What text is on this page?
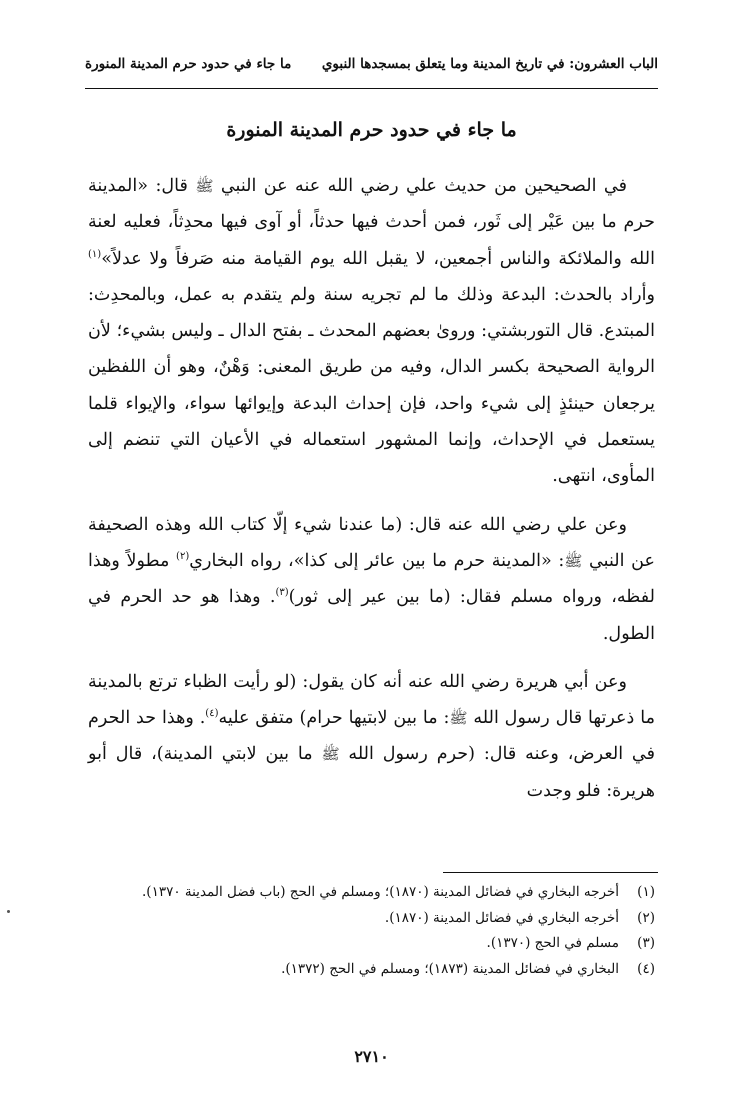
الباب العشرون: في تاريخ المدينة وما يتعلق بمسجدها النبوي
ما جاء في حدود حرم المدينة المنورة
ما جاء في حدود حرم المدينة المنورة

في الصحيحين من حديث علي رضي الله عنه عن النبي ﷺ قال: «المدينة حرم ما بين عَيْر إلى ثَور، فمن أحدث فيها حدثاً، أو آوى فيها محدِثاً، فعليه لعنة الله والملائكة والناس أجمعين، لا يقبل الله يوم القيامة منه صَرفاً ولا عدلاً»$^{(١)}$ وأراد بالحدث: البدعة وذلك ما لم تجريه سنة ولم يتقدم به عمل، وبالمحدِث: المبتدع. قال التوربشتي: وروىٰ بعضهم المحدث ـ بفتح الدال ـ وليس بشيء؛ لأن الرواية الصحيحة بكسر الدال، وفيه من طريق المعنى: وَهْنٌ، وهو أن اللفظين يرجعان حينئذٍ إلى شيء واحد، فإن إحداث البدعة وإيوائها سواء، والإيواء قلما يستعمل في الإحداث، وإنما المشهور استعماله في الأعيان التي تنضم إلى المأوى، انتهى.

وعن علي رضي الله عنه قال: (ما عندنا شيء إلّا كتاب الله وهذه الصحيفة عن النبي ﷺ: «المدينة حرم ما بين عائر إلى كذا»، رواه البخاري$^{(٢)}$ مطولاً وهذا لفظه، ورواه مسلم فقال: (ما بين عير إلى ثور)$^{(٣)}$. وهذا هو حد الحرم في الطول.

وعن أبي هريرة رضي الله عنه أنه كان يقول: (لو رأيت الظباء ترتع بالمدينة ما ذعرتها قال رسول الله ﷺ: ما بين لابتيها حرام) متفق عليه$^{(٤)}$. وهذا حد الحرم في العرض، وعنه قال: (حرم رسول الله ﷺ ما بين لابتي المدينة)، قال أبو هريرة: فلو وجدت

(١)
أخرجه البخاري في فضائل المدينة (١٨٧٠)؛ ومسلم في الحج (باب فضل المدينة ١٣٧٠).
(٢)
أخرجه البخاري في فضائل المدينة (١٨٧٠).
(٣)
مسلم في الحج (١٣٧٠).
(٤)
البخاري في فضائل المدينة (١٨٧٣)؛ ومسلم في الحج (١٣٧٢).
٢٧١٠
